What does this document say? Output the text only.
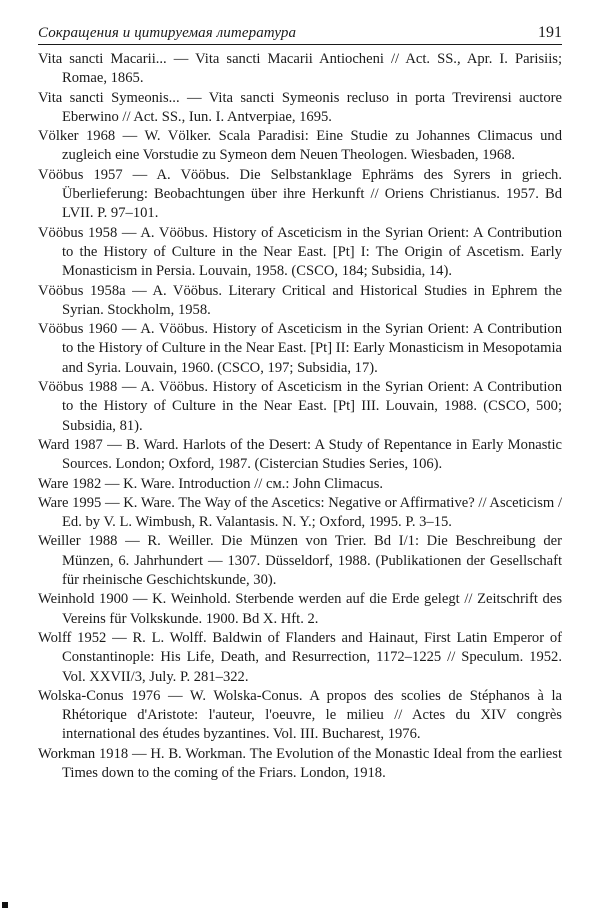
Сокращения и цитируемая литература	191

Vita sancti Macarii... — Vita sancti Macarii Antiocheni // Act. SS., Apr. I. Parisiis; Romae, 1865.

Vita sancti Symeonis... — Vita sancti Symeonis recluso in porta Trevirensi auctore Eberwino // Act. SS., Iun. I. Antverpiae, 1695.

Völker 1968 — W. Völker. Scala Paradisi: Eine Studie zu Johannes Climacus und zugleich eine Vorstudie zu Symeon dem Neuen Theologen. Wiesbaden, 1968.

Vööbus 1957 — A. Vööbus. Die Selbstanklage Ephräms des Syrers in griech. Überlieferung: Beobachtungen über ihre Herkunft // Oriens Christianus. 1957. Bd LVII. P. 97–101.

Vööbus 1958 — A. Vööbus. History of Asceticism in the Syrian Orient: A Contribution to the History of Culture in the Near East. [Pt] I: The Origin of Ascetism. Early Monasticism in Persia. Louvain, 1958. (CSCO, 184; Subsidia, 14).

Vööbus 1958a — A. Vööbus. Literary Critical and Historical Studies in Ephrem the Syrian. Stockholm, 1958.

Vööbus 1960 — A. Vööbus. History of Asceticism in the Syrian Orient: A Contribution to the History of Culture in the Near East. [Pt] II: Early Monasticism in Mesopotamia and Syria. Louvain, 1960. (CSCO, 197; Subsidia, 17).

Vööbus 1988 — A. Vööbus. History of Asceticism in the Syrian Orient: A Contribution to the History of Culture in the Near East. [Pt] III. Louvain, 1988. (CSCO, 500; Subsidia, 81).

Ward 1987 — B. Ward. Harlots of the Desert: A Study of Repentance in Early Monastic Sources. London; Oxford, 1987. (Cistercian Studies Series, 106).

Ware 1982 — K. Ware. Introduction // см.: John Climacus.

Ware 1995 — K. Ware. The Way of the Ascetics: Negative or Affirmative? // Asceticism / Ed. by V. L. Wimbush, R. Valantasis. N. Y.; Oxford, 1995. P. 3–15.

Weiller 1988 — R. Weiller. Die Münzen von Trier. Bd I/1: Die Beschreibung der Münzen, 6. Jahrhundert — 1307. Düsseldorf, 1988. (Publikationen der Gesellschaft für rheinische Geschichtskunde, 30).

Weinhold 1900 — K. Weinhold. Sterbende werden auf die Erde gelegt // Zeitschrift des Vereins für Volkskunde. 1900. Bd X. Hft. 2.

Wolff 1952 — R. L. Wolff. Baldwin of Flanders and Hainaut, First Latin Emperor of Constantinople: His Life, Death, and Resurrection, 1172–1225 // Speculum. 1952. Vol. XXVII/3, July. P. 281–322.

Wolska-Conus 1976 — W. Wolska-Conus. A propos des scolies de Stéphanos à la Rhétorique d'Aristote: l'auteur, l'oeuvre, le milieu // Actes du XIV congrès international des études byzantines. Vol. III. Bucharest, 1976.

Workman 1918 — H. B. Workman. The Evolution of the Monastic Ideal from the earliest Times down to the coming of the Friars. London, 1918.
